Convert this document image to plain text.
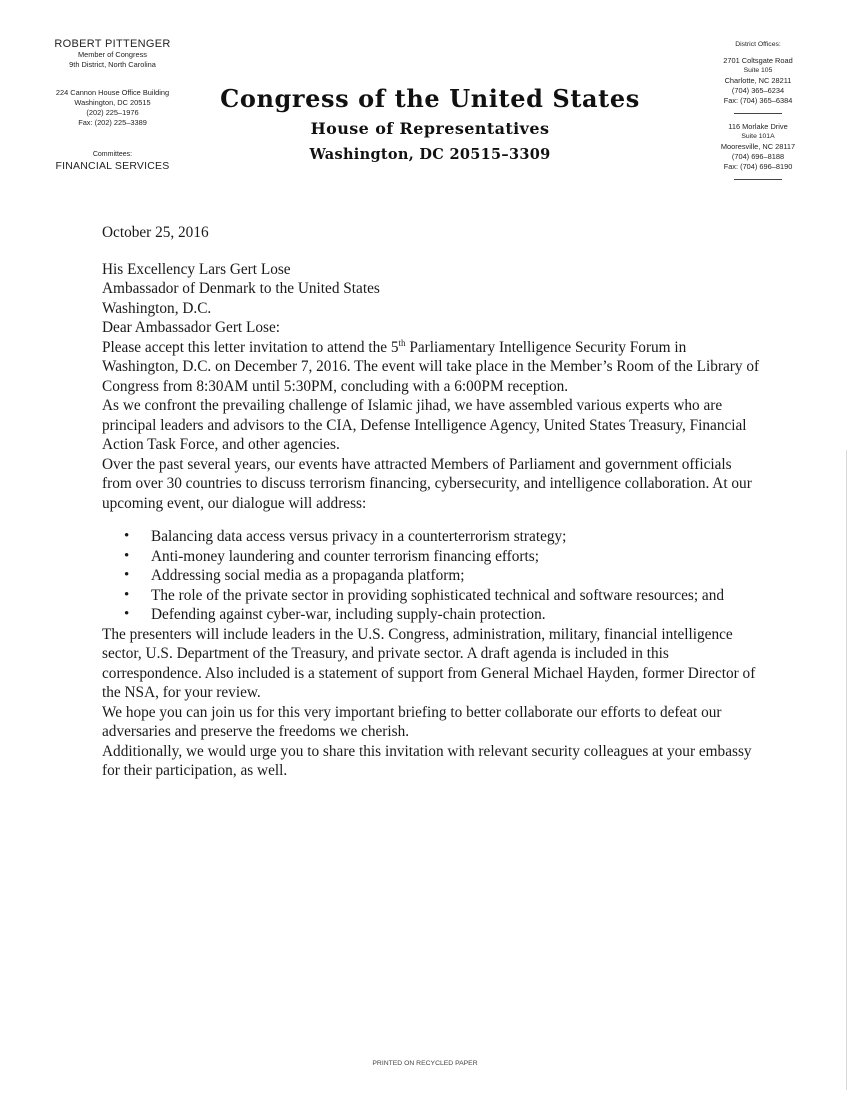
ROBERT PITTENGER
Member of Congress
9th District, North Carolina
224 Cannon House Office Building
Washington, DC 20515
(202) 225–1976
Fax: (202) 225–3389
Committees:
FINANCIAL SERVICES
Congress of the United States
House of Representatives
Washington, DC 20515–3309
District Offices:
2701 Coltsgate Road
Suite 105
Charlotte, NC 28211
(704) 365–6234
Fax: (704) 365–6384
116 Morlake Drive
Suite 101A
Mooresville, NC 28117
(704) 696–8188
Fax: (704) 696–8190

October 25, 2016

His Excellency Lars Gert Lose

Ambassador of Denmark to the United States

Washington, D.C.

Dear Ambassador Gert Lose:

Please accept this letter invitation to attend the 5th Parliamentary Intelligence Security Forum in Washington, D.C. on December 7, 2016. The event will take place in the Member’s Room of the Library of Congress from 8:30AM until 5:30PM, concluding with a 6:00PM reception.

As we confront the prevailing challenge of Islamic jihad, we have assembled various experts who are principal leaders and advisors to the CIA, Defense Intelligence Agency, United States Treasury, Financial Action Task Force, and other agencies.

Over the past several years, our events have attracted Members of Parliament and government officials from over 30 countries to discuss terrorism financing, cybersecurity, and intelligence collaboration. At our upcoming event, our dialogue will address:

• Balancing data access versus privacy in a counterterrorism strategy;
• Anti-money laundering and counter terrorism financing efforts;
• Addressing social media as a propaganda platform;
• The role of the private sector in providing sophisticated technical and software resources; and
• Defending against cyber-war, including supply-chain protection.

The presenters will include leaders in the U.S. Congress, administration, military, financial intelligence sector, U.S. Department of the Treasury, and private sector. A draft agenda is included in this correspondence. Also included is a statement of support from General Michael Hayden, former Director of the NSA, for your review.

We hope you can join us for this very important briefing to better collaborate our efforts to defeat our adversaries and preserve the freedoms we cherish.

Additionally, we would urge you to share this invitation with relevant security colleagues at your embassy for their participation, as well.

PRINTED ON RECYCLED PAPER
